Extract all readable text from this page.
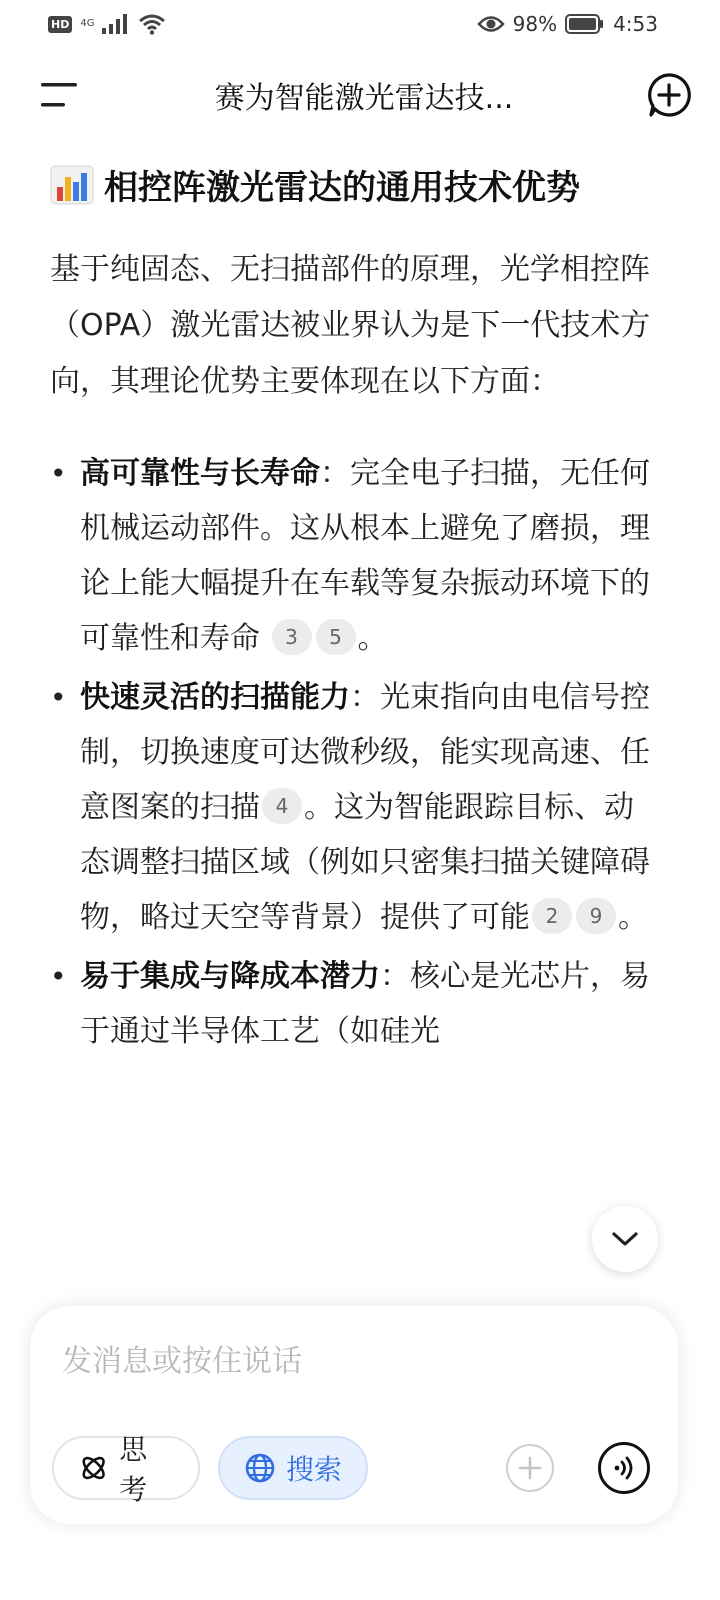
HD	4G	98%	4:53
赛为智能激光雷达技...
相控阵激光雷达的通用技术优势

基于纯固态、无扫描部件的原理，光学相控阵（OPA）激光雷达被业界认为是下一代技术方向，其理论优势主要体现在以下方面：

• 高可靠性与长寿命：完全电子扫描，无任何机械运动部件。这从根本上避免了磨损，理论上能大幅提升在车载等复杂振动环境下的可靠性和寿命 3 5 。
• 快速灵活的扫描能力：光束指向由电信号控制，切换速度可达微秒级，能实现高速、任意图案的扫描 4 。这为智能跟踪目标、动态调整扫描区域（例如只密集扫描关键障碍物，略过天空等背景）提供了可能 2 9 。
• 易于集成与降成本潜力：核心是光芯片，易于通过半导体工艺（如硅光
发消息或按住说话
思考
搜索
